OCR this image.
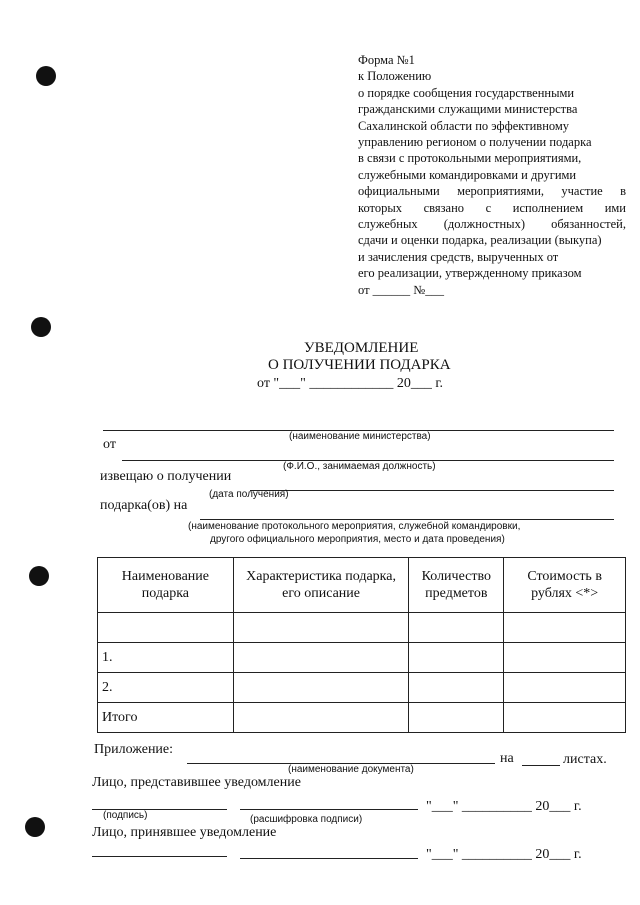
Форма №1
к Положению
о порядке сообщения государственными
гражданскими служащими министерства
Сахалинской области по эффективному
управлению регионом о получении подарка
в связи с протокольными мероприятиями,
служебными командировками и другими
официальными мероприятиями, участие в
которых связано с исполнением ими
служебных (должностных) обязанностей,
сдачи и оценки подарка, реализации (выкупа)
и зачисления средств, вырученных от
его реализации, утвержденному приказом
от ______ №___
УВЕДОМЛЕНИЕ
О ПОЛУЧЕНИИ ПОДАРКА
от "___" ____________ 20___ г.
(наименование министерства)
от
(Ф.И.О., занимаемая должность)
извещаю о получении
(дата получения)
подарка(ов) на
(наименование протокольного мероприятия, служебной командировки,
другого официального мероприятия, место и дата проведения)
Наименование подарка	Характеристика подарка, его описание	Количество предметов	Стоимость в рублях <*>

1.			
2.			
Итого			
Приложение:
на	листах.
(наименование документа)
Лицо, представившее уведомление
"___" __________ 20___ г.
(подпись)	(расшифровка подписи)
Лицо, принявшее уведомление
"___" __________ 20___ г.
